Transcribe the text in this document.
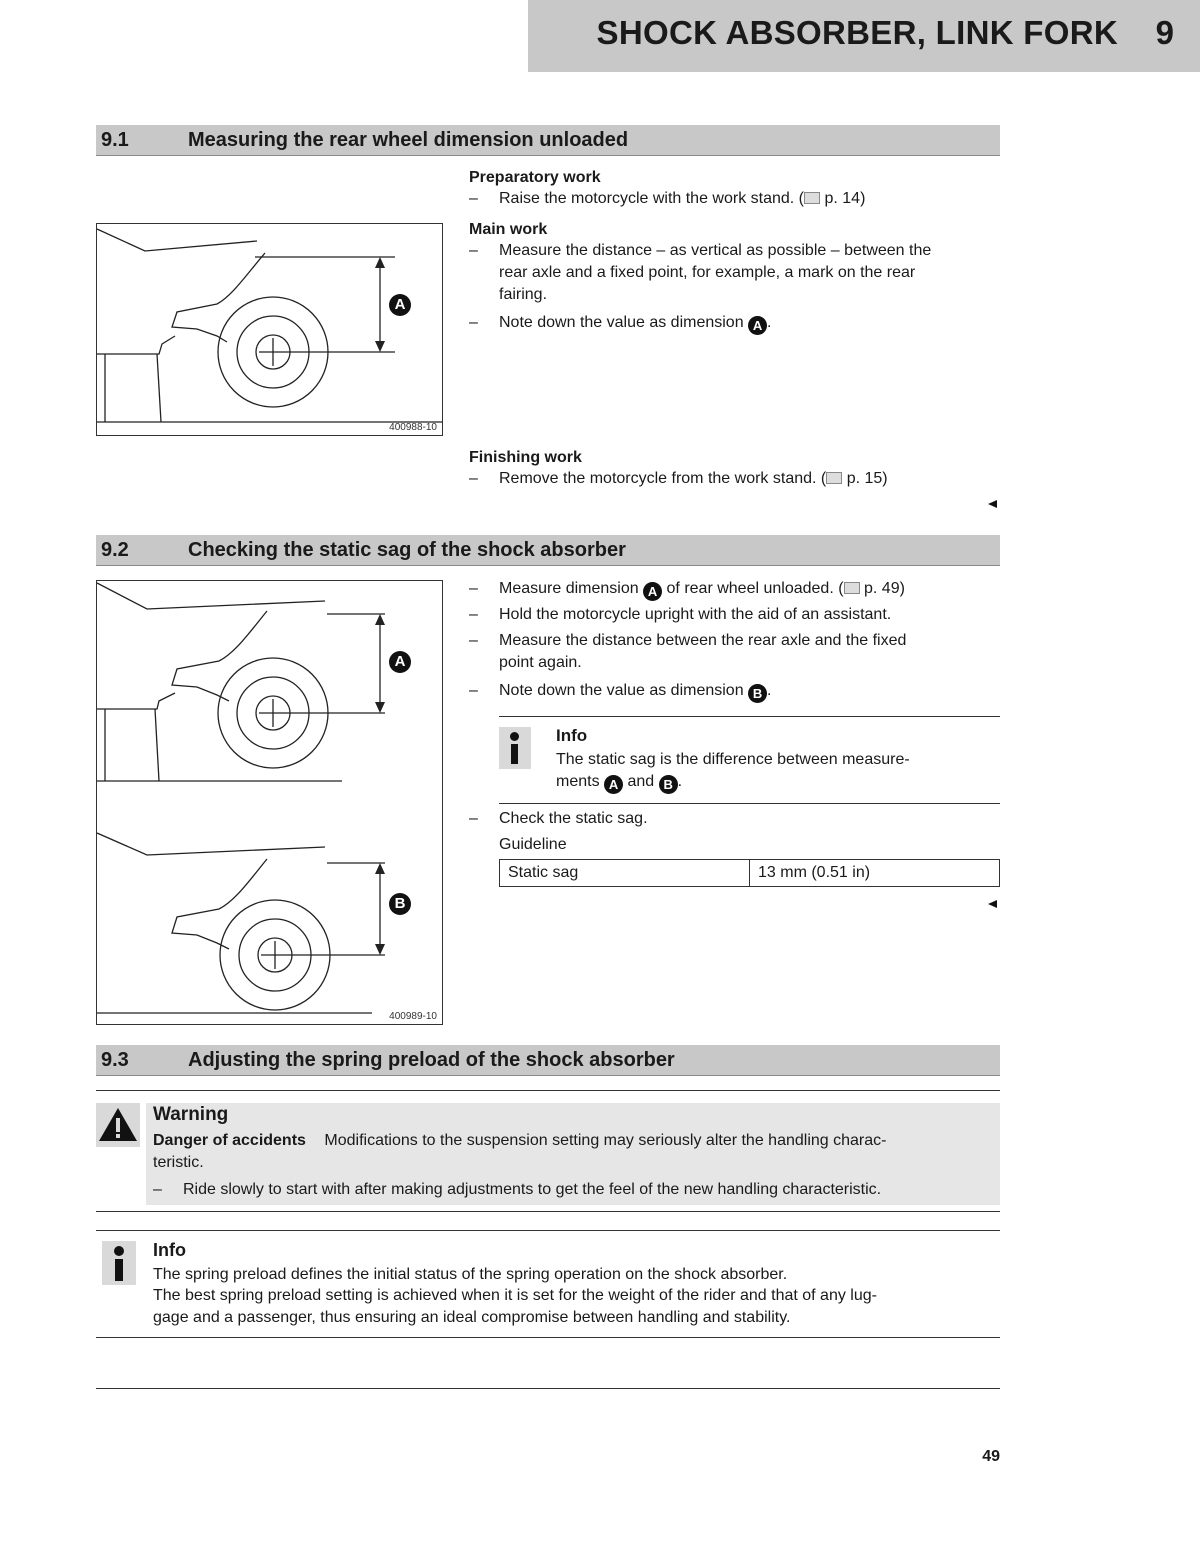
SHOCK ABSORBER, LINK FORK 9
9.1	Measuring the rear wheel dimension unloaded
Preparatory work
– Raise the motorcycle with the work stand. ( p. 14)
Main work
– Measure the distance – as vertical as possible – between the
rear axle and a fixed point, for example, a mark on the rear
fairing.
– Note down the value as dimension A .
Finishing work
– Remove the motorcycle from the work stand. ( p. 15)
A
400988-10
9.2	Checking the static sag of the shock absorber
– Measure dimension A of rear wheel unloaded. ( p. 49)
– Hold the motorcycle upright with the aid of an assistant.
– Measure the distance between the rear axle and the fixed
point again.
– Note down the value as dimension B .
Info
The static sag is the difference between measure-
ments A and B .
– Check the static sag.
Guideline
Static sag	13 mm (0.51 in)
A
B
400989-10
9.3	Adjusting the spring preload of the shock absorber
Warning
Danger of accidents Modifications to the suspension setting may seriously alter the handling charac-
teristic.
– Ride slowly to start with after making adjustments to get the feel of the new handling characteristic.
Info
The spring preload defines the initial status of the spring operation on the shock absorber.
The best spring preload setting is achieved when it is set for the weight of the rider and that of any lug-
gage and a passenger, thus ensuring an ideal compromise between handling and stability.
49
